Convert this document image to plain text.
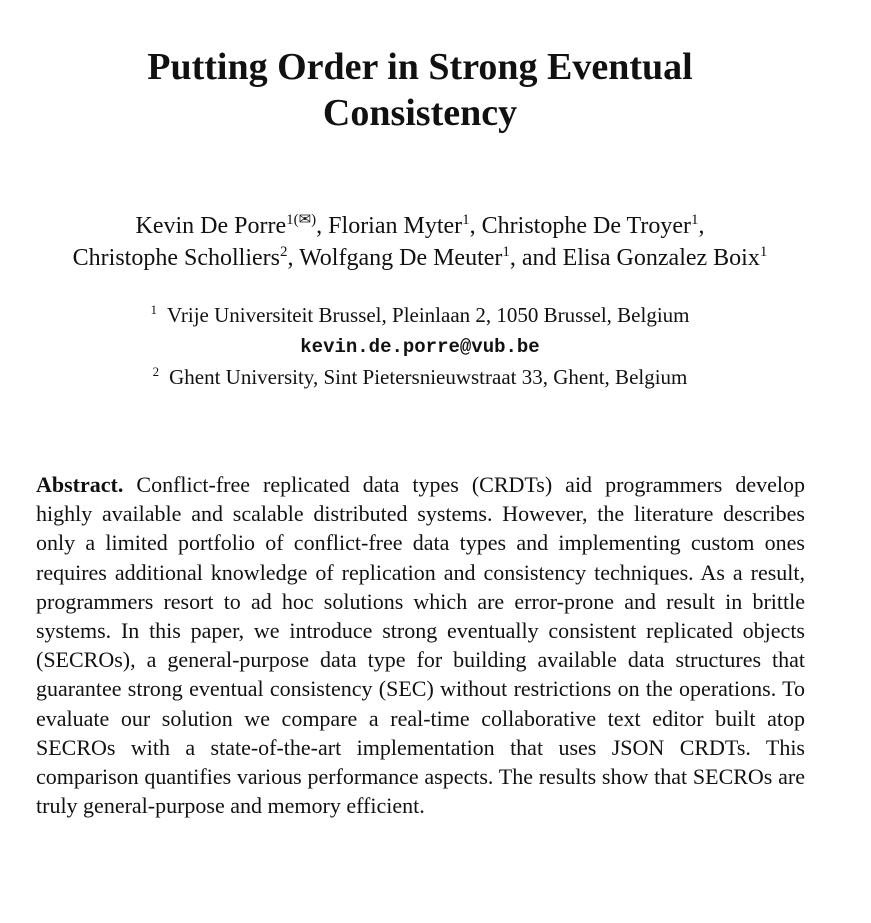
Putting Order in Strong Eventual Consistency
Kevin De Porre$^{1(✉)}$, Florian Myter$^1$, Christophe De Troyer$^1$,
Christophe Scholliers$^2$, Wolfgang De Meuter$^1$, and Elisa Gonzalez Boix$^1$

$^1$ Vrije Universiteit Brussel, Pleinlaan 2, 1050 Brussel, Belgium

kevin.de.porre@vub.be

$^2$ Ghent University, Sint Pietersnieuwstraat 33, Ghent, Belgium

Abstract. Conflict-free replicated data types (CRDTs) aid programmers develop highly available and scalable distributed systems. However, the literature describes only a limited portfolio of conflict-free data types and implementing custom ones requires additional knowledge of replication and consistency techniques. As a result, programmers resort to ad hoc solutions which are error-prone and result in brittle systems. In this paper, we introduce strong eventually consistent replicated objects (SECROs), a general-purpose data type for building available data structures that guarantee strong eventual consistency (SEC) without restrictions on the operations. To evaluate our solution we compare a real-time collaborative text editor built atop SECROs with a state-of-the-art implementation that uses JSON CRDTs. This comparison quantifies various performance aspects. The results show that SECROs are truly general-purpose and memory efficient.
